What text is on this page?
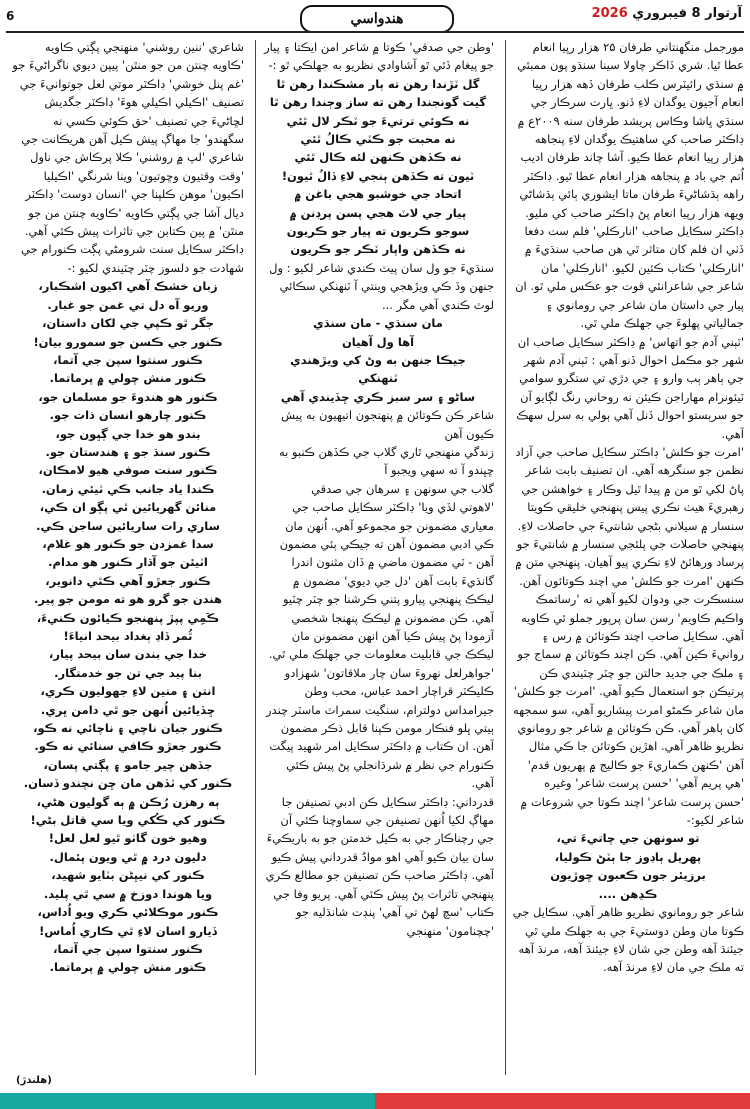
6	هندواسي	آرتوار 8 فيبروري 2026

مورجمل منگهنتاني طرفان ۲۵ هزار رپيا انعام عطا ٿيا. شري ڏاڪر چاولا سينا سنڌو پون ممبئي ۾ سنڌي رائيٽرس ڪلب طرفان ڏهه هزار رپيا انعام آجيون يوگدان لاءِ ڏنو. ڀارت سرڪار جي سنڌي ڀاشا وڪاس پريشد طرفان سنه ۲۰۰۹ع ۾ ڊاڪٽر صاحب کي ساهتيڪ يوگدان لاءِ پنجاهه هزار رپيا انعام عطا ڪيو. آشا چاند طرفان اديب اُتم جي باد ۾ پنجاهه هزار انعام عطا ٿيو. ڊاڪٽر راهه ٻڌشاڻيءَ طرفان ماتا ايشوري ٻائي ٻڌشاڻي ويهه هزار رپيا انعام پڻ ڊاڪٽر صاحب کي مليو.

ڊاڪٽر سڪايل صاحب 'انارڪلي' فلم ست دفعا ڏٺي ان فلم کان متاثر ٿي هن صاحب سنڌيءَ ۾ 'انارڪلي' ڪتاب ڪئين لکيو. 'انارڪلي' مان شاعر جي شاعرانئي قوت جو عڪس ملي ٿو. ان پيار جي داستان مان شاعر جي رومانوي ۽ جمالياتي پهلوءَ جي جهلڪ ملي ٿي.

'ٽٻني آدم جو اتهاس' ۾ ڊاڪٽر سڪايل صاحب ان شهر جو مڪمل احوال ڏنو آهي : ٽٻني آدم شهر جي ٻاهر ٻب وارو ۽ جي دڙي تي ستگرو سوامي ٽيئونرام مهاراجن ڪيئن نه روحاني رنگ لڳايو آن جو سرٻستو احوال ڏنل آهي ٻولي به سرل سهڪ آهي.

'امرت جو ڪلش' ڊاڪٽر سڪايل صاحب جي آزاد نظمن جو سنگرهه آهي. ان تصنيف بابت شاعر پاڻ لکي ٿو من ۾ پيدا ٿيل وڪار ۽ خواهشن جي رهبريءَ هيٺ نڪري پيس پنهنجي خليقي ڪويتا سنسار ۾ سيلاني بڻجي شانتيءَ جي حاصلات لاءِ. پنهنجي حاصلات جي پلئجي سنسار ۾ شانتيءَ جو پرساد ورهائڻ لاءِ نڪري پيو آهيان. پنهنجي متن ۾ ڪنهن 'امرت جو ڪلش' مي اچند ڪوتائون آهن. سنسڪرت جي ودوان لکيو آهي ته 'رساتمڪ واڪيم ڪاويم' رسن سان پرپور جملو ئي ڪاويه آهي. سڪايل صاحب اچند ڪوتائن ۾ رس ۽ روانيءَ ڪين آهي. ڪن اچند ڪوتائن ۾ سماج جو ۽ ملڪ جي جديد حالتن جو چٽر چٽيندي ڪن پرتيڪن جو استعمال ڪيو آهي. 'امرت جو ڪلش' مان شاعر ڪمڻو امرت پيشاريو آهي، سو سمجهه کان ٻاهر آهي. ڪن ڪوتائن ۾ شاعر جو رومانوي نظريو ظاهر آهي. اهڙين ڪوتائن جا ڪي مثال آهن 'ڪنهن ڪماريءَ جو ڪاليج ۾ پهريون قدم' 'هي پريم آهي' 'حسن پرست شاعر' وغيره 'حسن پرست شاعر' اچند ڪوتا جي شروعات ۾ شاعر لکيو:-

تو سونهن جي چاتيءَ تي،

پهريل ٻاڊوز جا ٻٽڻ ڪوليا،

برزيئر جون ڪعبون ڇوڙيون

ڪڍهن ....

شاعر جو رومانوي نظريو ظاهر آهي. سڪايل جي ڪوتا مان وطن دوستيءَ جي به جهلڪ ملي ٿي جيئنڌ آهه وطن جي شان لاءِ جيئنڌ آهه، مرنڌ آهه ته ملڪ جي مان لاءِ مرنڌ آهه.

'وطن جي صدقي' ڪوتا ۾ شاعر امن ايڪتا ۽ پيار جو پيغام ڏئي ٿو آشاوادي نظريو به جهلڪي ٿو :-

گل ٽڙندا رهن ته ٻار مشڪندا رهن ٿا

گيت گونجندا رهن ته ساز وڄندا رهن ٿا

نه ڪوئي ترتيءَ جو ٽڪر لال ٿئي

نه محبت جو ڪٽي ڪالُ ٿئي

نه ڪڏهن ڪنهن لئه ڪال ٿئي

ٽيون ته ڪڏهن ٻنجي لاءِ ڏالُ ٿيون!

اتحاد جي خوشبو هجي باغن ۾

پيار جي لاٽ هجي پسن پرڊنن ۾

سوجو ڪريون ته پيار جو ڪريون

نه ڪڏهن واپار ٽڪر جو ڪريون

سنڌيءَ جو ول سان پيٽ ڪندي شاعر لکيو : ول جنهن وڏ ڪي ويڙهجي وينتي آ ٽنهنکي سڪائي لوٽ ڪندي آهي مگر ...

مان سنڌي - مان سنڌي

آها ول آهيان

جيڪا جنهن به وڻ کي ويڙهندي

ٽنهنکي

ساڻو ۽ سر سبز ڪري ڇڏيندي آهي

شاعر ڪن ڪوتائن ۾ پنهنجون اتيهيون به پيش ڪيون آهن

زندگي منهنجي ٿاري گلاب جي ڪڏهن ڪنبو به ڇڀندو آ ته سهي ويجبو آ

گلاب جي سونهن ۽ سرهان جي صدقي

'لاهوتي لڏي ويا' ڊاڪٽر سڪايل صاحب جي معياري مضمونن جو مجموعو آهي. اُنهن مان ڪي ادبي مضمون آهن ته جيڪي ٻئي مضمون آهن - ٽي مضمون ماضي ۾ ڏان مثنون اندرا گانڌيءَ بابت آهن 'دل جي ديوي' مضمون ۾ ليڪڪ پنهنجي پيارو پتني ڪرشنا جو چٽر چٽيو آهي. ڪن مضمونن ۾ ليڪڪ پنهنجا شخصي آزمودا پڻ پيش ڪيا آهن انهن مضمونن مان ليڪڪ جي قابليت معلومات جي جهلڪ ملي ٿي. 'جواهرلعل نهروءَ سان چار ملاقاتون' شهزادو ڪليڪٽر قراچار احمد عباس، محب وطن جيرامداس دولترام، سنگيت سمراٽ ماسٽر چندر ٻيتي ڀلو فنڪار مومن ڪپنا قابل ذڪر مضمون آهن. ان ڪتاب ۾ ڊاڪٽر سڪايل امر شهيد پيگت ڪنورام جي نظر ۾ شرڌانجلي پڻ پيش ڪئي آهي.

قدرداني: ڊاڪٽر سڪايل ڪن ادبي تصنيفن جا مهاڳ لکيا اُنهن تصنيفن جي سماوچنا ڪئي آن جي رچناڪار جي به ڪيل خدمتن جو به باريڪيءَ سان بيان ڪيو آهي اهو موادُ قدرداني پيش ڪيو آهي. ڊاڪٽر صاحب ڪن تصنيفن جو مطالع ڪري پنهنجي تاثرات پڻ پيش ڪئي آهي. پريو وفا جي ڪتاب 'سچ لهڻ تي آهي' پنڊت شانڌليه جو 'چچنامون' منهنجي

شاعري 'ننين روشني' منهنجي پڳتي ڪاويه 'ڪاويه چنتن من جو منٿن' پيپن ديوي ناگراڻيءَ جو 'غم پنل خوشي' ڊاڪٽر موتي لعل جوتوانيءَ جي تصنيف 'اڪيلي اڪيلي هوءَ' ڊاڪٽر جگديش لڇاڻيءَ جي تصنيف 'حق ڪوئي ڪسي نه سگهندو' جا مهاڳ پيش ڪيل آهن هريڪانت جي شاعري 'لپ ۾ روشني' ڪلا پرڪاش جي ناول 'وقت وقتيون وڇوتيون' وينا شرنگي 'اڪيليا اڪيون' موهن ڪلپنا جي 'انسان دوست' ڊاڪٽر ديال آشا جي پڳتي ڪاويه 'ڪاويه چنتن من جو منٿن' ۾ پين ڪتابن جي تاثرات پيش ڪئي آهي.

ڊاڪٽر سڪايل سنت شرومڻي پڳت ڪنورام جي شهادت جو دلسوز چٽر چٽيندي لکيو :-

زبان خشڪ آهي اکيون اشڪبار،

وريو آه دل تي غمن جو غبار.

جگر ٿو ڪپي جي لکان داستان،

ڪنور جي ڪسن جو سمورو بيان!

ڪنور سنتوا سپن جي آتما،

ڪنور منش چولي ۾ پرماتما.

ڪنور هو هندوءَ جو مسلمان جو،

ڪنور چارهو انسان ذات جو.

بندو هو خدا جي ڳڀون جو،

ڪنور سنڌ جو ۽ هندستان جو.

ڪنور سنت صوفي هيو لامڪان،

ڪندا ياد جانب ڪي ٽيئي زمان.

منائن گهريائين ٿي پڳو ان ڪي،

ساري رات ساريائين ساجن ڪي.

سدا غمزدن جو ڪنور هو غلام،

اٽيئن جو آڌار ڪنور هو مدام.

ڪنور جعڙو آهي ڪٿي دانوير،

هندن جو گرو هو ته مومن جو پير.

ڪَمِي پپڙ پنهنجو ڪيائون ڪنيءَ،

ٿُمر ڏاڍ ٻغداد بيحد انياءَ!

خدا جي بندن سان بيحد پيار،

بنا پيد جي تن جو خدمتگار.

انتن ۽ منين لاءِ جهوليون ڪري،

ڇڏيائين اُنهن جو ٿي دامن ڀري.

ڪنور جيان ناچي ۽ ناچائي نه ڪو،

ڪنور جعڙو ڪافي سنائي نه ڪو.

جڏهن چير جامو ۽ پڳتي پسان،

ڪنور کي ٽڏهن مان ڇن نچندو ڏسان.

ٻه رهزن رُڪن ۾ ٻه گوليون هڻي،

ڪنور کي ڪُکي ويا سي قاتل بڻي!

وهيو خون گاٺو ٿيو لعل لعل!

دليون درد ۾ ٿي ويون پئمال.

ڪنور کي نيڀڻن بٽايو شهيد،

ويا هوندا دوزخ ۾ سي ٿي پليد.

ڪنور موڪلائي ڪري ويو اُداس،

ڏيارو اسان لاءِ ٿي ڪاري اُماس!

ڪنور سنتوا سپن جي آتما،

ڪنور منش چولي ۾ پرماتما.

(هلندڙ)
